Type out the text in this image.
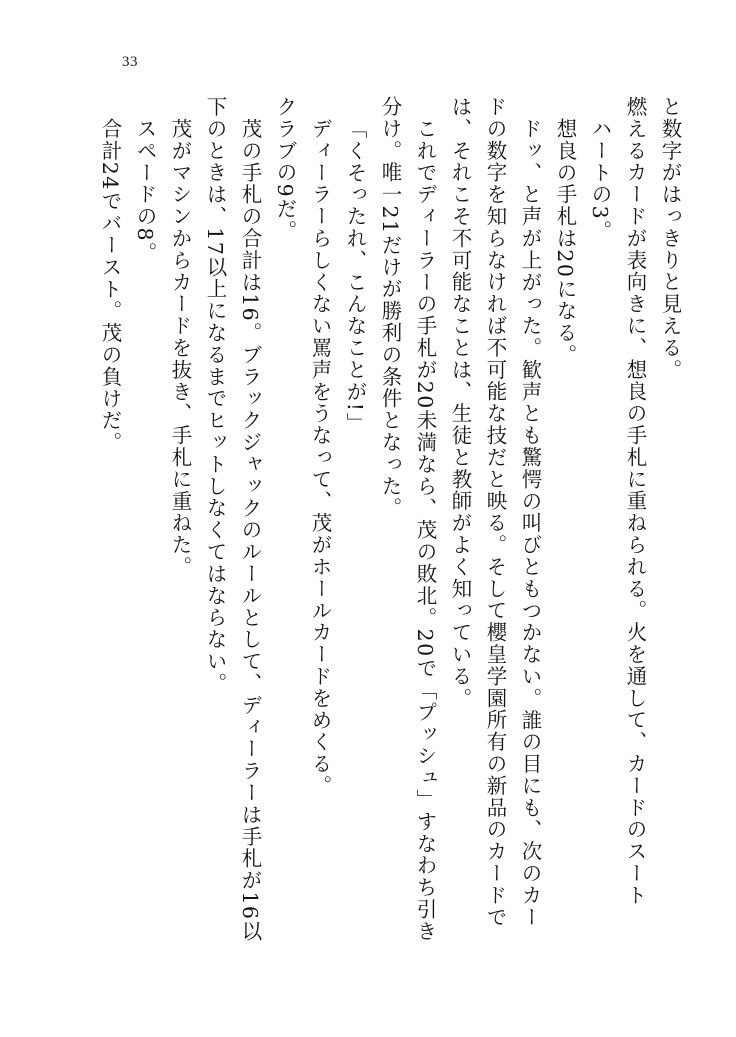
33
と数字がはっきりと見える。
燃えるカードが表向きに、想良の手札に重ねられる。火を通して、カードのスート
ハートの3。
想良の手札は20になる。
ドッ、と声が上がった。歓声とも驚愕の叫びともつかない。誰の目にも、次のカー
ドの数字を知らなければ不可能な技だと映る。そして櫻皇学園所有の新品のカードで
は、それこそ不可能なことは、生徒と教師がよく知っている。
これでディーラーの手札が20未満なら、茂の敗北。20で「プッシュ」すなわち引き
分け。唯一21だけが勝利の条件となった。
「くそったれ、こんなことが!」
ディーラーらしくない罵声をうなって、茂がホールカードをめくる。
クラブの9だ。
茂の手札の合計は16。ブラックジャックのルールとして、ディーラーは手札が16以
下のときは、17以上になるまでヒットしなくてはならない。
茂がマシンからカードを抜き、手札に重ねた。
スペードの8。
合計24でバースト。茂の負けだ。
